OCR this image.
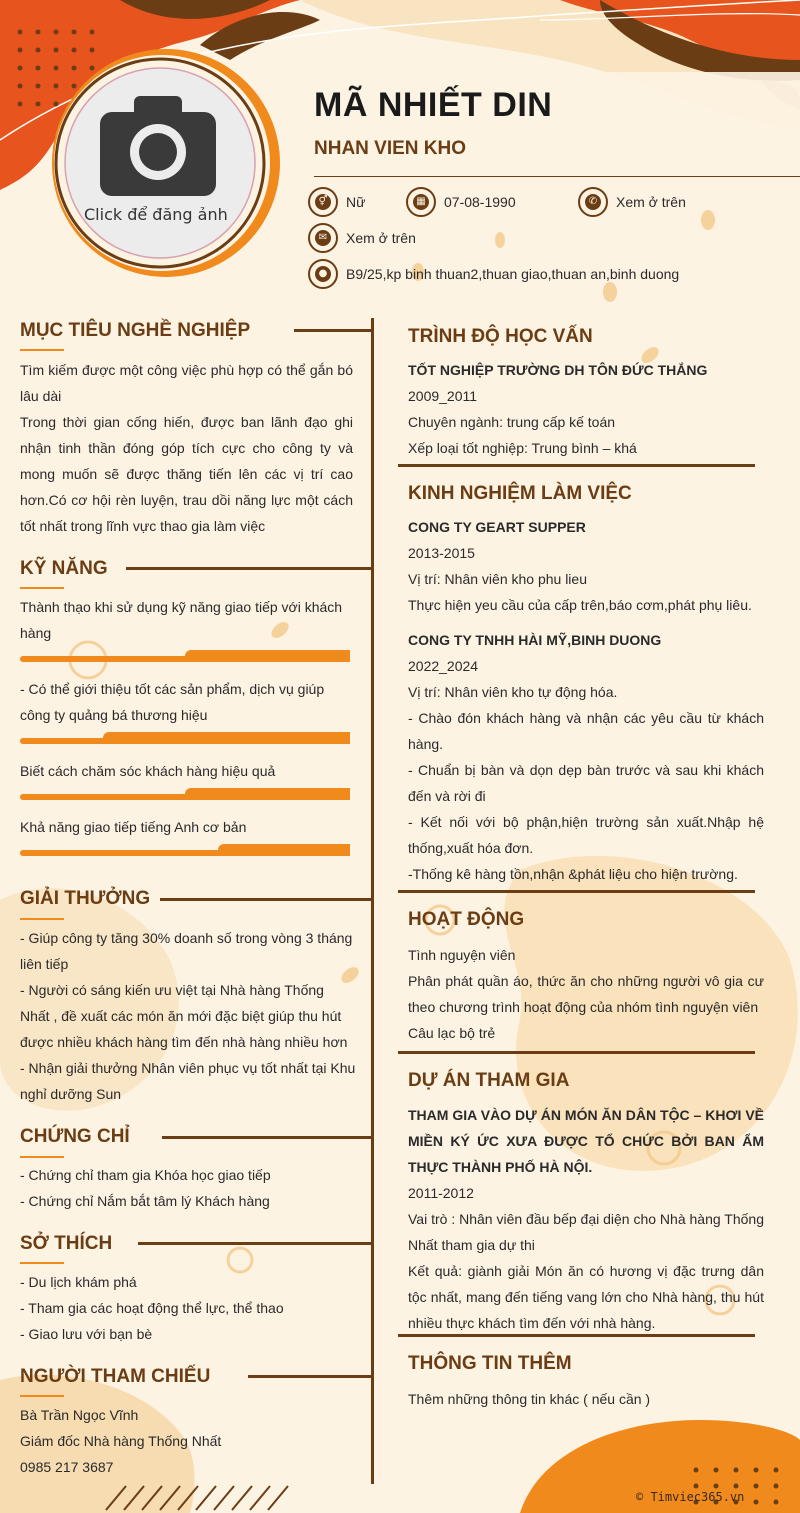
Click để đăng ảnh
MÃ NHIẾT DIN
NHAN VIEN KHO
⚥ Nữ	▦ 07-08-1990	✆ Xem ở trên
✉ Xem ở trên
● B9/25,kp binh thuan2,thuan giao,thuan an,binh duong
MỤC TIÊU NGHỀ NGHIỆP

Tìm kiếm được một công việc phù hợp có thể gắn bó lâu dài

Trong thời gian cống hiến, được ban lãnh đạo ghi nhận tinh thần đóng góp tích cực cho công ty và mong muốn sẽ được thăng tiến lên các vị trí cao hơn.Có cơ hội rèn luyện, trau dồi năng lực một cách tốt nhất trong lĩnh vực thao gia làm việc

KỸ NĂNG
Thành thạo khi sử dụng kỹ năng giao tiếp với khách hàng
- Có thể giới thiệu tốt các sản phẩm, dịch vụ giúp công ty quảng bá thương hiệu
Biết cách chăm sóc khách hàng hiệu quả
Khả năng giao tiếp tiếng Anh cơ bản
GIẢI THƯỞNG

- Giúp công ty tăng 30% doanh số trong vòng 3 tháng liên tiếp

- Người có sáng kiến ưu việt tại Nhà hàng Thống Nhất , đề xuất các món ăn mới đặc biệt giúp thu hút được nhiều khách hàng tìm đến nhà hàng nhiều hơn

- Nhận giải thưởng Nhân viên phục vụ tốt nhất tại Khu nghỉ dưỡng Sun

CHỨNG CHỈ

- Chứng chỉ tham gia Khóa học giao tiếp

- Chứng chỉ Nắm bắt tâm lý Khách hàng

SỞ THÍCH

- Du lịch khám phá

- Tham gia các hoạt động thể lực, thể thao

- Giao lưu với bạn bè

NGƯỜI THAM CHIẾU

Bà Trần Ngọc Vĩnh

Giám đốc Nhà hàng Thống Nhất

0985 217 3687

TRÌNH ĐỘ HỌC VẤN

TỐT NGHIỆP TRƯỜNG DH TÔN ĐỨC THẮNG

2009_2011

Chuyên ngành: trung cấp kế toán

Xếp loại tốt nghiệp: Trung bình – khá

KINH NGHIỆM LÀM VIỆC

CONG TY GEART SUPPER

2013-2015

Vị trí: Nhân viên kho phu lieu

Thực hiện yeu cầu của cấp trên,báo cơm,phát phụ liêu.

CONG TY TNHH HÀI MỸ,BINH DUONG

2022_2024

Vị trí: Nhân viên kho tự động hóa.

- Chào đón khách hàng và nhận các yêu cầu từ khách hàng.

- Chuẩn bị bàn và dọn dẹp bàn trước và sau khi khách đến và rời đi

- Kết nối với bộ phận,hiện trường sản xuất.Nhập hệ thống,xuất hóa đơn.

-Thống kê hàng tồn,nhận &phát liệu cho hiện trường.

HOẠT ĐỘNG

Tình nguyện viên

Phân phát quần áo, thức ăn cho những người vô gia cư theo chương trình hoạt động của nhóm tình nguyện viên

Câu lạc bộ trẻ

DỰ ÁN THAM GIA

THAM GIA VÀO DỰ ÁN MÓN ĂN DÂN TỘC – KHƠI VỀ MIỀN KÝ ỨC XƯA ĐƯỢC TỔ CHỨC BỞI BAN ẨM THỰC THÀNH PHỐ HÀ NỘI.

2011-2012

Vai trò : Nhân viên đầu bếp đại diện cho Nhà hàng Thống Nhất tham gia dự thi

Kết quả: giành giải Món ăn có hương vị đặc trưng dân tộc nhất, mang đến tiếng vang lớn cho Nhà hàng, thu hút nhiều thực khách tìm đến với nhà hàng.

THÔNG TIN THÊM

Thêm những thông tin khác ( nếu cần )

© Timviec365.vn
